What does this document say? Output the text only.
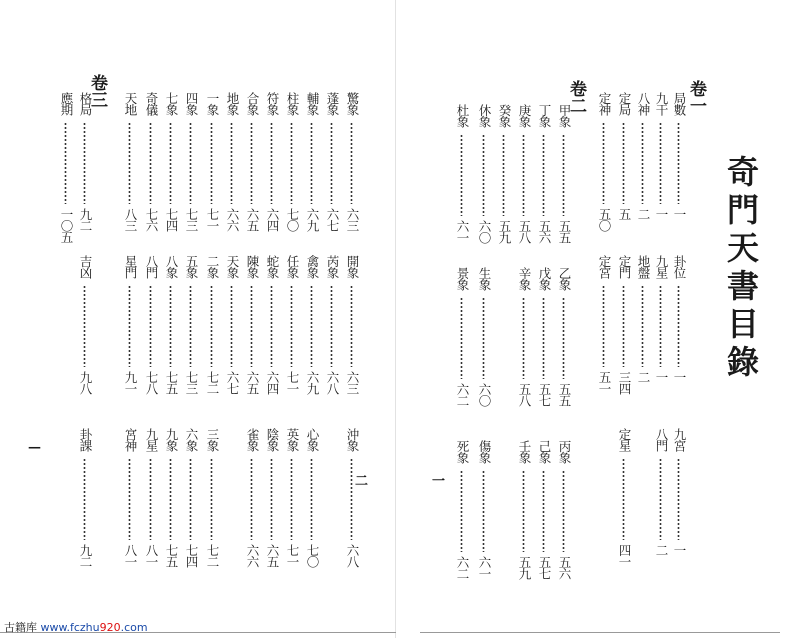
奇門天書目錄
卷一
卷二
一
局數
一
卦位
一
九宮
一
九干
一
九星
一
八門
二
八神
二
地盤
二
定局
五
定門
三四
定星
四一
定神
五〇
定宮
五一
甲象
五五
乙象
五五
丙象
五六
丁象
五六
戊象
五七
己象
五七
庚象
五八
辛象
五八
壬象
五九
癸象
五九
休象
六〇
生象
六〇
傷象
六一
杜象
六一
景象
六二
死象
六二
卷三
二
—
驚象
六三
開象
六三
沖象
六八
蓬象
六七
芮象
六八
輔象
六九
禽象
六九
心象
七〇
柱象
七〇
任象
七一
英象
七一
符象
六四
蛇象
六四
陰象
六五
合象
六五
陳象
六五
雀象
六六
地象
六六
天象
六七
一象
七一
二象
七二
三象
七二
四象
七三
五象
七三
六象
七四
七象
七四
八象
七五
九象
七五
奇儀
七六
八門
七八
九星
八一
天地
八三
星門
九一
宮神
八一
格局
九二
吉凶
九八
卦課
九二
應期
一〇五
古籍库 www.fczhu920.com
